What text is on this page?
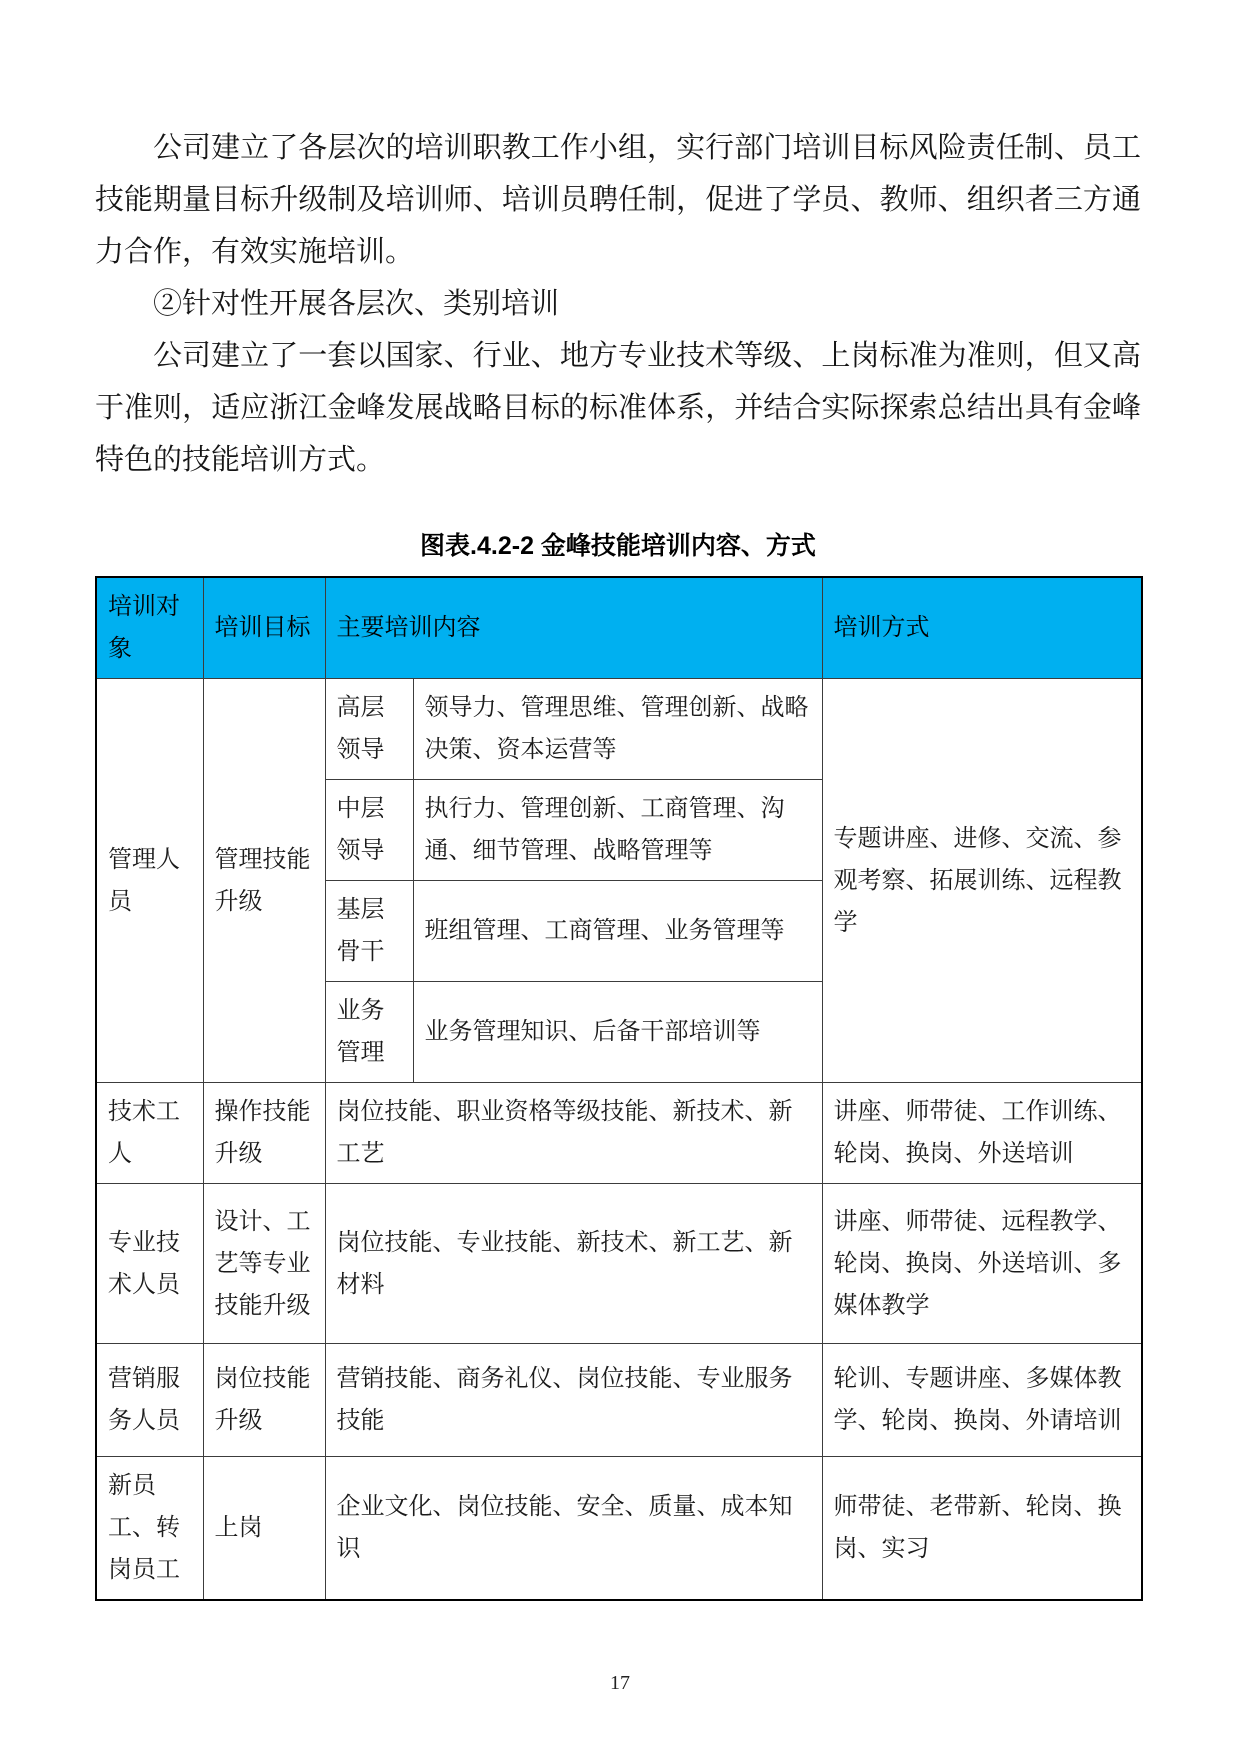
公司建立了各层次的培训职教工作小组，实行部门培训目标风险责任制、员工技能期量目标升级制及培训师、培训员聘任制，促进了学员、教师、组织者三方通力合作，有效实施培训。

②针对性开展各层次、类别培训

公司建立了一套以国家、行业、地方专业技术等级、上岗标准为准则，但又高于准则，适应浙江金峰发展战略目标的标准体系，并结合实际探索总结出具有金峰特色的技能培训方式。

图表.4.2-2 金峰技能培训内容、方式
培训对象	培训目标	主要培训内容		培训方式
管理人员	管理技能升级	高层领导	领导力、管理思维、管理创新、战略决策、资本运营等	专题讲座、进修、交流、参观考察、拓展训练、远程教学
		中层领导	执行力、管理创新、工商管理、沟通、细节管理、战略管理等	
		基层骨干	班组管理、工商管理、业务管理等	
		业务管理	业务管理知识、后备干部培训等	
技术工人	操作技能升级	岗位技能、职业资格等级技能、新技术、新工艺		讲座、师带徒、工作训练、轮岗、换岗、外送培训
专业技术人员	设计、工艺等专业技能升级	岗位技能、专业技能、新技术、新工艺、新材料		讲座、师带徒、远程教学、轮岗、换岗、外送培训、多媒体教学
营销服务人员	岗位技能升级	营销技能、商务礼仪、岗位技能、专业服务技能		轮训、专题讲座、多媒体教学、轮岗、换岗、外请培训
新员工、转岗员工	上岗	企业文化、岗位技能、安全、质量、成本知识		师带徒、老带新、轮岗、换岗、实习
17
